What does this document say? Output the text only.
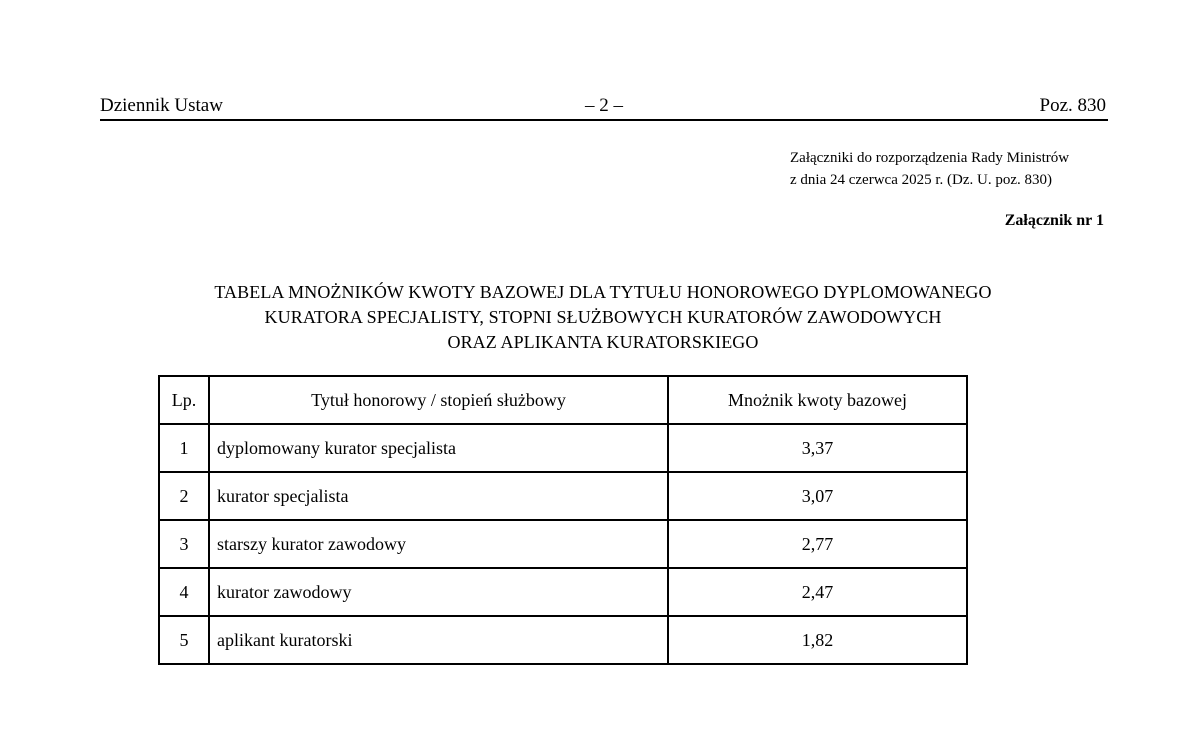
Dziennik Ustaw	– 2 –	Poz. 830
Załączniki do rozporządzenia Rady Ministrów
z dnia 24 czerwca 2025 r. (Dz. U. poz. 830)
Załącznik nr 1
TABELA MNOŻNIKÓW KWOTY BAZOWEJ DLA TYTUŁU HONOROWEGO DYPLOMOWANEGO
KURATORA SPECJALISTY, STOPNI SŁUŻBOWYCH KURATORÓW ZAWODOWYCH
ORAZ APLIKANTA KURATORSKIEGO
Lp.	Tytuł honorowy / stopień służbowy	Mnożnik kwoty bazowej
1	dyplomowany kurator specjalista	3,37
2	kurator specjalista	3,07
3	starszy kurator zawodowy	2,77
4	kurator zawodowy	2,47
5	aplikant kuratorski	1,82
